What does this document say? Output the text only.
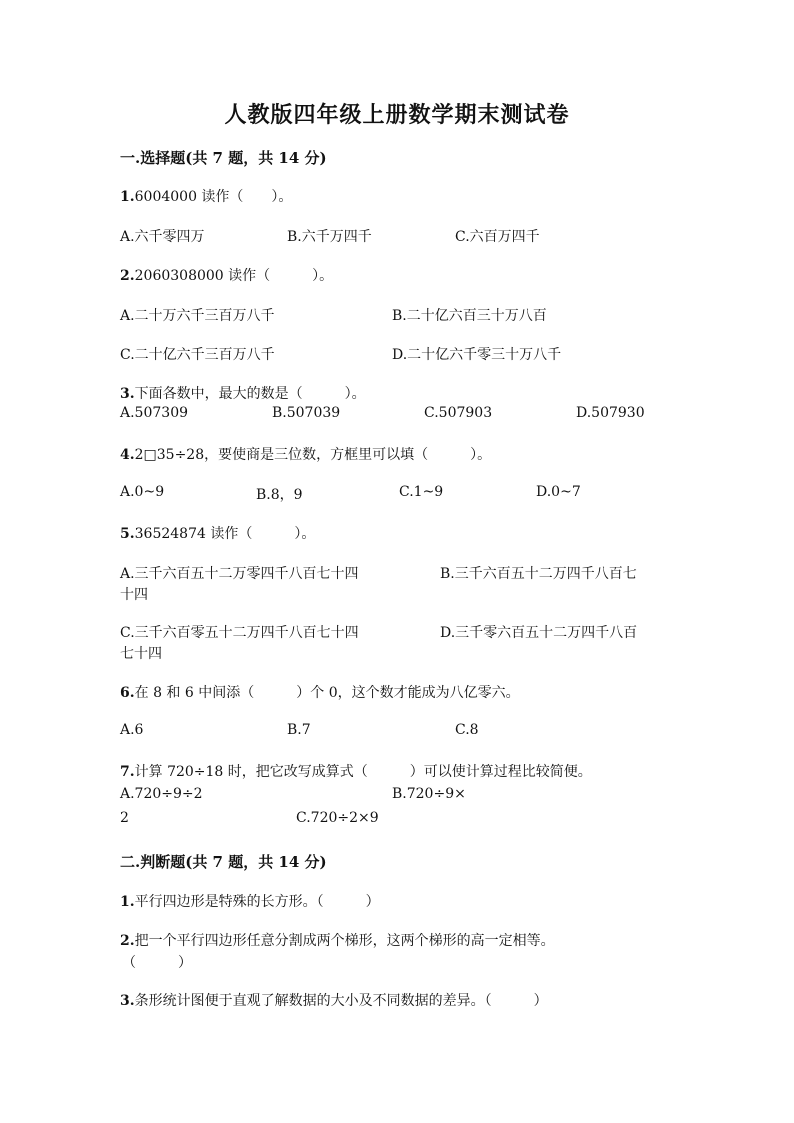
人教版四年级上册数学期末测试卷
一.选择题(共 7 题，共 14 分)
1.6004000 读作（　　）。
A.六千零四万	B.六千万四千	C.六百万四千
2.2060308000 读作（　　　）。
A.二十万六千三百万八千	B.二十亿六百三十万八百
C.二十亿六千三百万八千	D.二十亿六千零三十万八千
3.下面各数中，最大的数是（　　　）。
A.507309	B.507039	C.507903	D.507930
4.2□35÷28，要使商是三位数，方框里可以填（　　　）。
A.0~9	B.8，9	C.1~9	D.0~7
5.36524874 读作（　　　）。
A.三千六百五十二万零四千八百七十四	B.三千六百五十二万四千八百七
十四
C.三千六百零五十二万四千八百七十四	D.三千零六百五十二万四千八百
七十四
6.在 8 和 6 中间添（　　　）个 0，这个数才能成为八亿零六。
A.6	B.7	C.8
7.计算 720÷18 时，把它改写成算式（　　　）可以使计算过程比较简便。
A.720÷9÷2	B.720÷9×
2	C.720÷2×9
二.判断题(共 7 题，共 14 分)
1.平行四边形是特殊的长方形。（　　　）
2.把一个平行四边形任意分割成两个梯形，这两个梯形的高一定相等。
（　　　）
3.条形统计图便于直观了解数据的大小及不同数据的差异。（　　　）
